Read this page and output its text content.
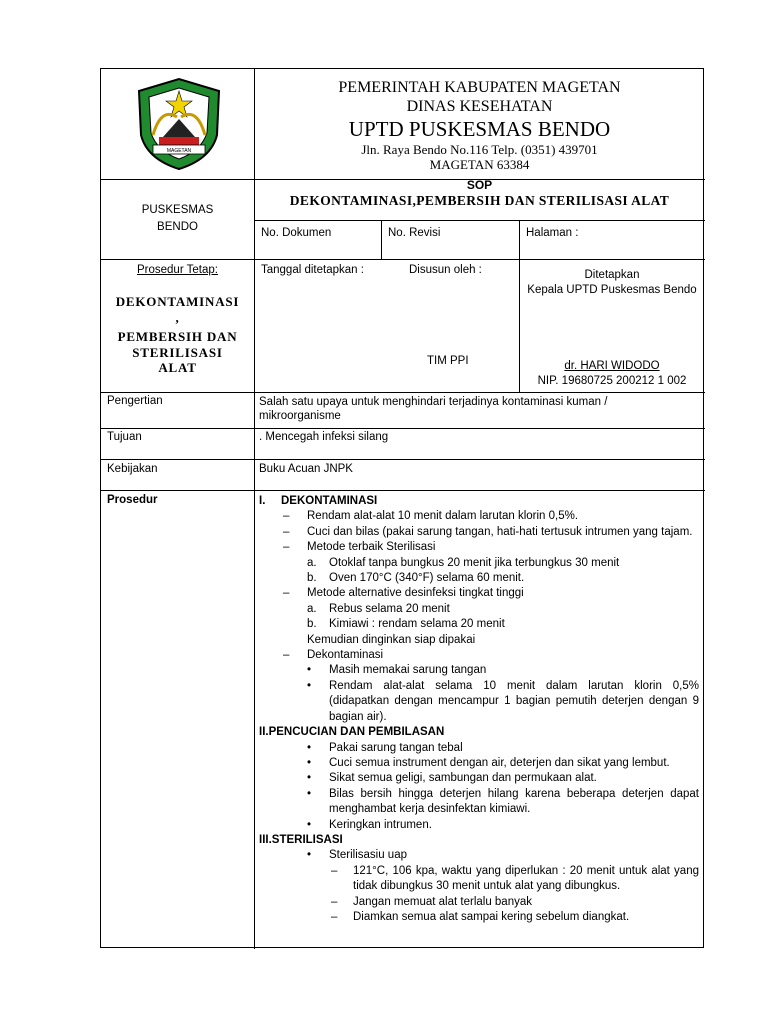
MAGETAN
PEMERINTAH KABUPATEN MAGETAN
DINAS KESEHATAN
UPTD PUSKESMAS BENDO
Jln. Raya Bendo No.116 Telp. (0351) 439701
MAGETAN 63384
PUSKESMAS
BENDO
SOP
DEKONTAMINASI,PEMBERSIH DAN STERILISASI ALAT
No. Dokumen	No. Revisi	Halaman :
Prosedur Tetap:
DEKONTAMINASI
,
PEMBERSIH DAN
STERILISASI
ALAT
Tanggal ditetapkan :	Disusun oleh :
TIM PPI
Ditetapkan
Kepala UPTD Puskesmas Bendo
dr. HARI WIDODO
NIP. 19680725 200212 1 002
Pengertian	Salah satu upaya untuk menghindari terjadinya kontaminasi kuman /
mikroorganisme
Tujuan	. Mencegah infeksi silang
Kebijakan	Buku Acuan JNPK
Prosedur	I. DEKONTAMINASI
– Rendam alat-alat 10 menit dalam larutan klorin 0,5%.
– Cuci dan bilas (pakai sarung tangan, hati-hati tertusuk intrumen yang tajam.
– Metode terbaik Sterilisasi
a. Otoklaf tanpa bungkus 20 menit jika terbungkus 30 menit
b. Oven 170°C (340°F) selama 60 menit.
– Metode alternative desinfeksi tingkat tinggi
a. Rebus selama 20 menit
b. Kimiawi : rendam selama 20 menit
Kemudian dinginkan siap dipakai
– Dekontaminasi
• Masih memakai sarung tangan
• Rendam alat-alat selama 10 menit dalam larutan klorin 0,5% (didapatkan dengan mencampur 1 bagian pemutih deterjen dengan 9 bagian air).
II.PENCUCIAN DAN PEMBILASAN
• Pakai sarung tangan tebal
• Cuci semua instrument dengan air, deterjen dan sikat yang lembut.
• Sikat semua geligi, sambungan dan permukaan alat.
• Bilas bersih hingga deterjen hilang karena beberapa deterjen dapat menghambat kerja desinfektan kimiawi.
• Keringkan intrumen.
III.STERILISASI
• Sterilisasiu uap
– 121°C, 106 kpa, waktu yang diperlukan : 20 menit untuk alat yang tidak dibungkus 30 menit untuk alat yang dibungkus.
– Jangan memuat alat terlalu banyak
– Diamkan semua alat sampai kering sebelum diangkat.
